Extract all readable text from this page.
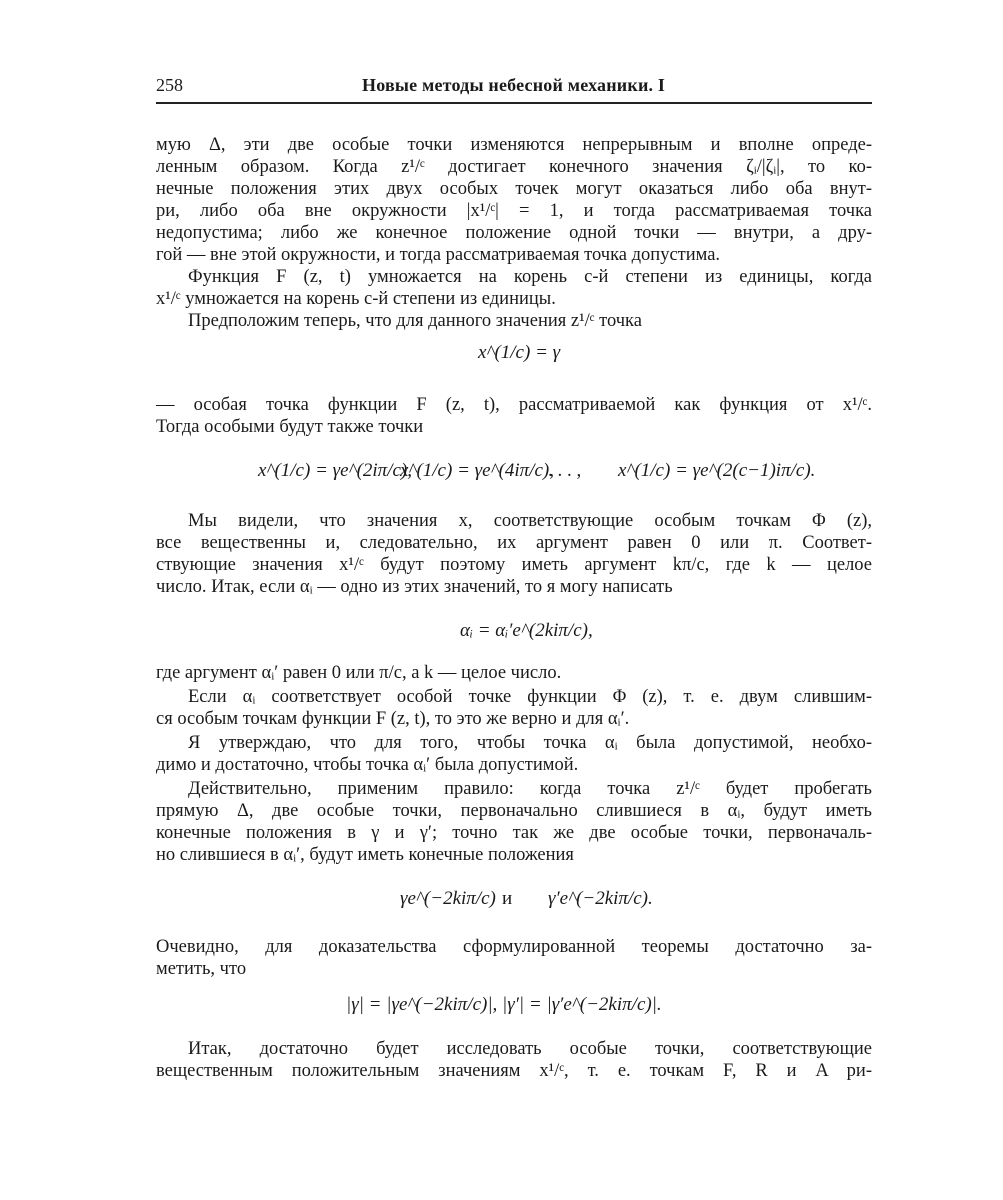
258	Новые методы небесной механики. I
мую Δ, эти две особые точки изменяются непрерывным и вполне опреде-
ленным образом. Когда z¹/ᶜ достигает конечного значения ζᵢ/|ζᵢ|, то ко-
нечные положения этих двух особых точек могут оказаться либо оба внут-
ри, либо оба вне окружности |x¹/ᶜ| = 1, и тогда рассматриваемая точка
недопустима; либо же конечное положение одной точки — внутри, а дру-
гой — вне этой окружности, и тогда рассматриваемая точка допустима.
Функция F (z, t) умножается на корень c-й степени из единицы, когда
x¹/ᶜ умножается на корень c-й степени из единицы.
Предположим теперь, что для данного значения z¹/ᶜ точка
x^(1/c) = γ
— особая точка функции F (z, t), рассматриваемой как функция от x¹/ᶜ.
Тогда особыми будут также точки
x^(1/c) = γe^(2iπ/c),
x^(1/c) = γe^(4iπ/c),
. . . , x^(1/c) = γe^(2(c−1)iπ/c).
Мы видели, что значения x, соответствующие особым точкам Φ (z),
все вещественны и, следовательно, их аргумент равен 0 или π. Соответ-
ствующие значения x¹/ᶜ будут поэтому иметь аргумент kπ/c, где k — целое
число. Итак, если αᵢ — одно из этих значений, то я могу написать
αᵢ = αᵢ′e^(2kiπ/c),
где аргумент αᵢ′ равен 0 или π/c, а k — целое число.
Если αᵢ соответствует особой точке функции Φ (z), т. е. двум слившим-
ся особым точкам функции F (z, t), то это же верно и для αᵢ′.
Я утверждаю, что для того, чтобы точка αᵢ была допустимой, необхо-
димо и достаточно, чтобы точка αᵢ′ была допустимой.
Действительно, применим правило: когда точка z¹/ᶜ будет пробегать
прямую Δ, две особые точки, первоначально слившиеся в αᵢ, будут иметь
конечные положения в γ и γ′; точно так же две особые точки, первоначаль-
но слившиеся в αᵢ′, будут иметь конечные положения
γe^(−2kiπ/c) и γ′e^(−2kiπ/c).
Очевидно, для доказательства сформулированной теоремы достаточно за-
метить, что
|γ| = |γe^(−2kiπ/c)|, |γ′| = |γ′e^(−2kiπ/c)|.
Итак, достаточно будет исследовать особые точки, соответствующие
вещественным положительным значениям x¹/ᶜ, т. е. точкам F, R и A ри-
